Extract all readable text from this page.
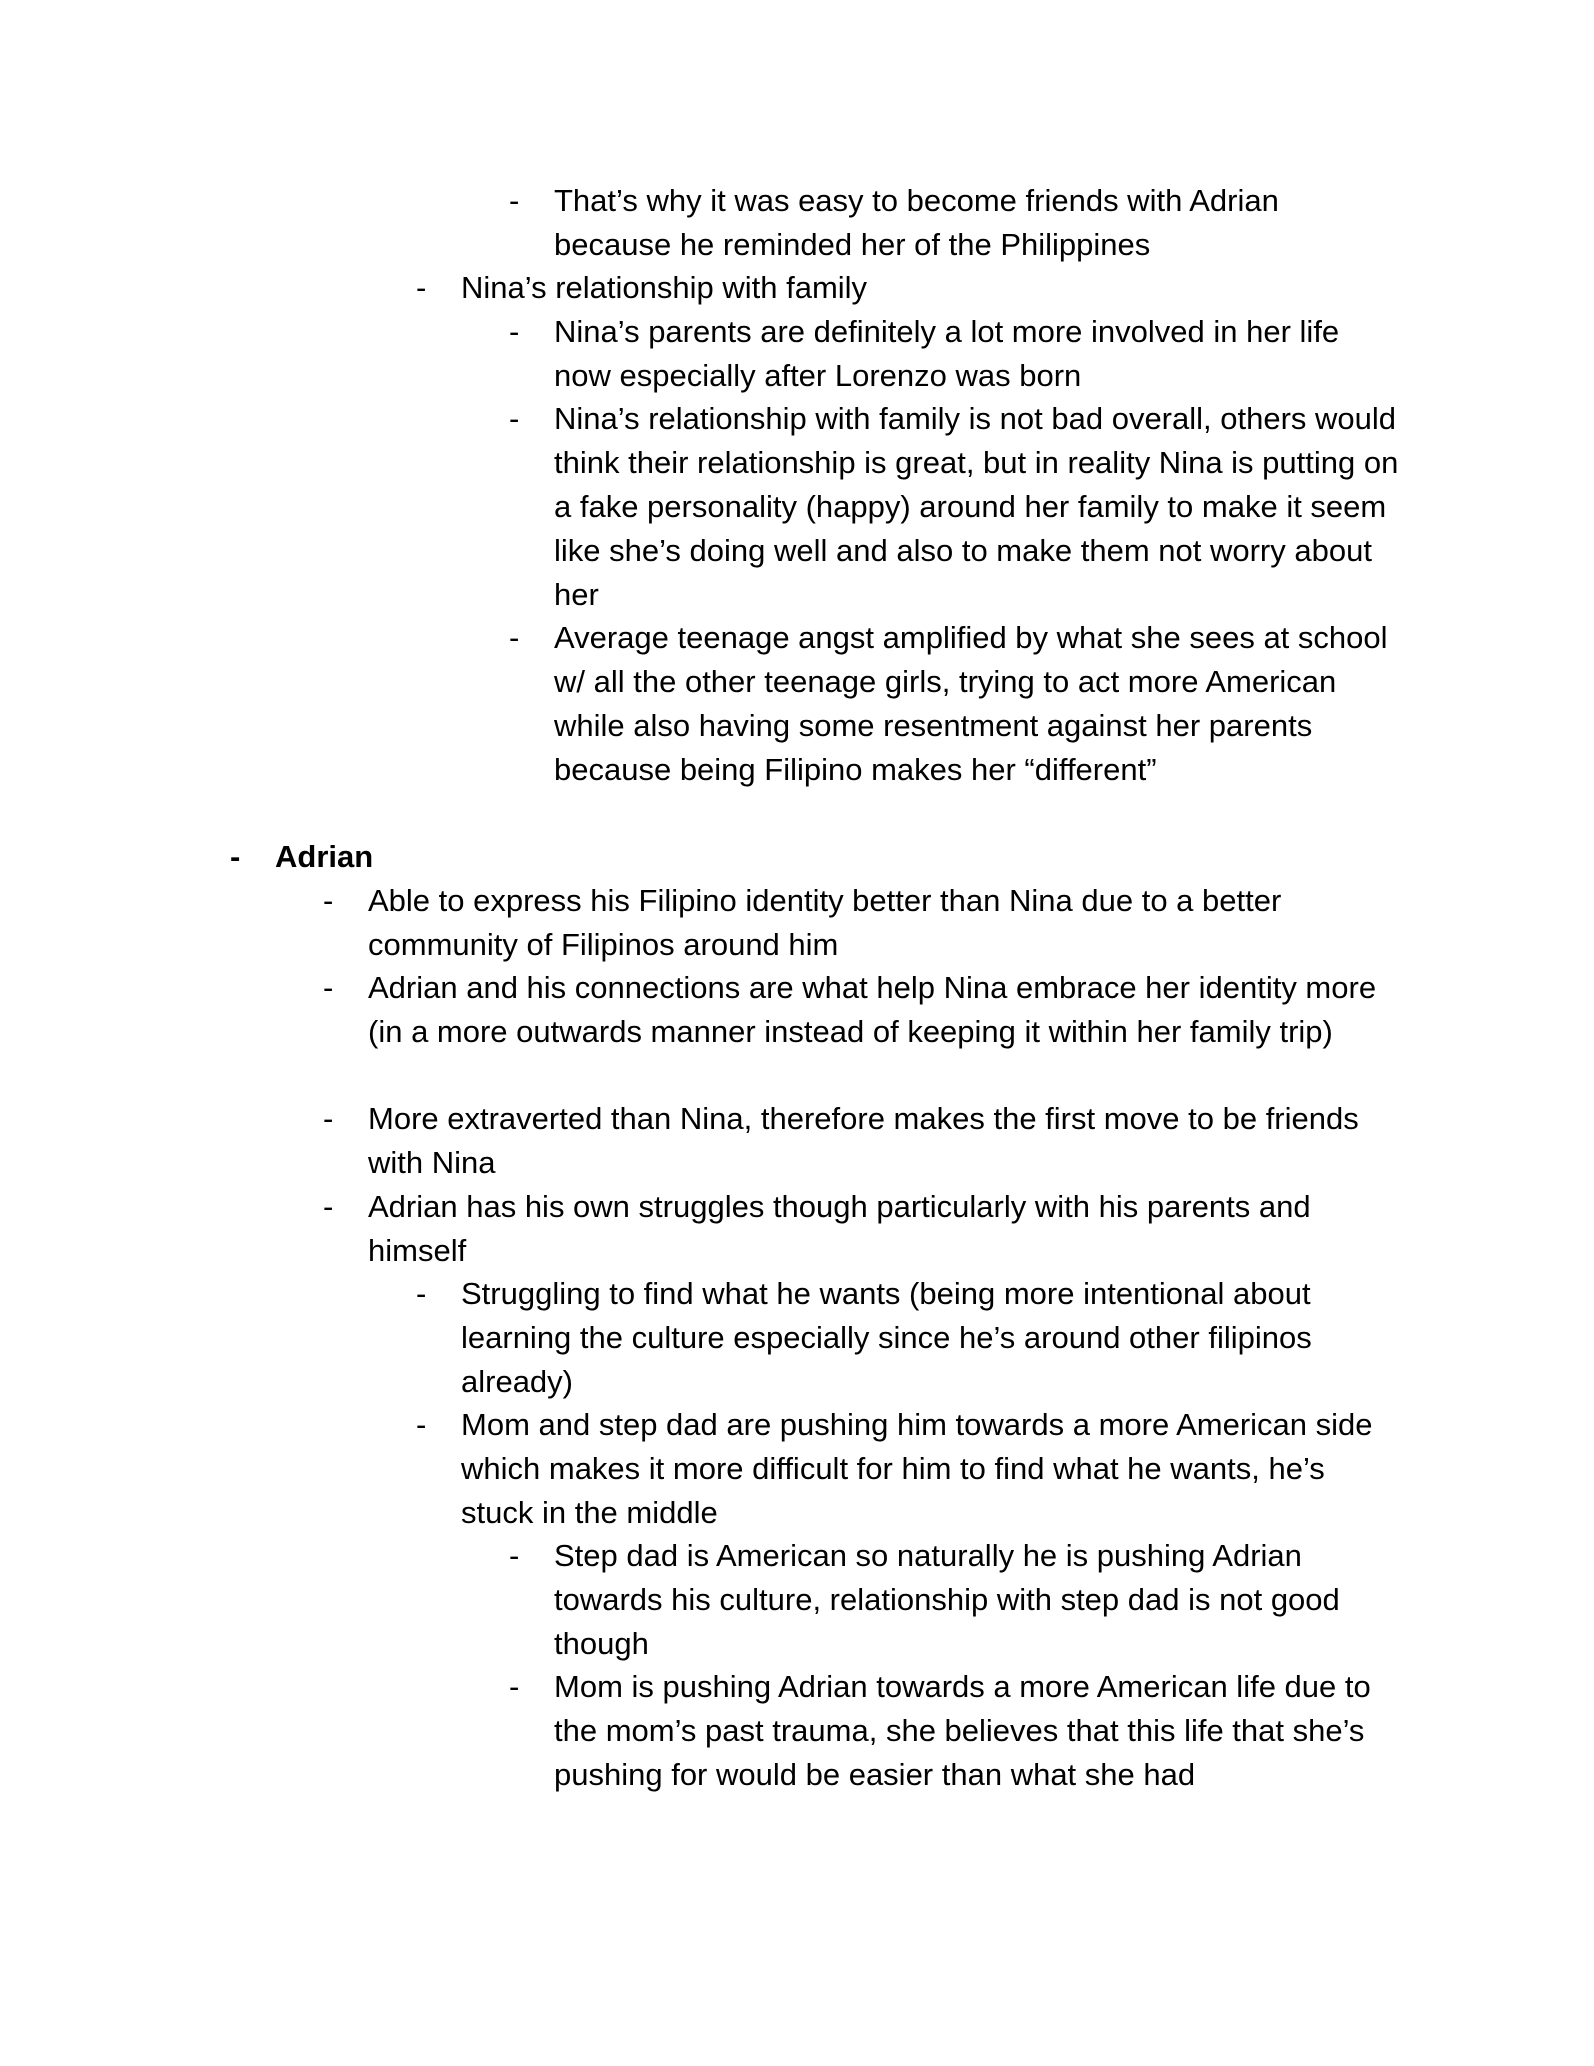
- That’s why it was easy to become friends with Adrian because he reminded her of the Philippines
- Nina’s relationship with family
- Nina’s parents are definitely a lot more involved in her life now especially after Lorenzo was born
- Nina’s relationship with family is not bad overall, others would think their relationship is great, but in reality Nina is putting on a fake personality (happy) around her family to make it seem like she’s doing well and also to make them not worry about her
- Average teenage angst amplified by what she sees at school w/ all the other teenage girls, trying to act more American while also having some resentment against her parents because being Filipino makes her “different”
- Adrian
- Able to express his Filipino identity better than Nina due to a better community of Filipinos around him
- Adrian and his connections are what help Nina embrace her identity more (in a more outwards manner instead of keeping it within her family trip)
- More extraverted than Nina, therefore makes the first move to be friends with Nina
- Adrian has his own struggles though particularly with his parents and himself
- Struggling to find what he wants (being more intentional about learning the culture especially since he’s around other filipinos already)
- Mom and step dad are pushing him towards a more American side which makes it more difficult for him to find what he wants, he’s stuck in the middle
- Step dad is American so naturally he is pushing Adrian towards his culture, relationship with step dad is not good though
- Mom is pushing Adrian towards a more American life due to the mom’s past trauma, she believes that this life that she’s pushing for would be easier than what she had
